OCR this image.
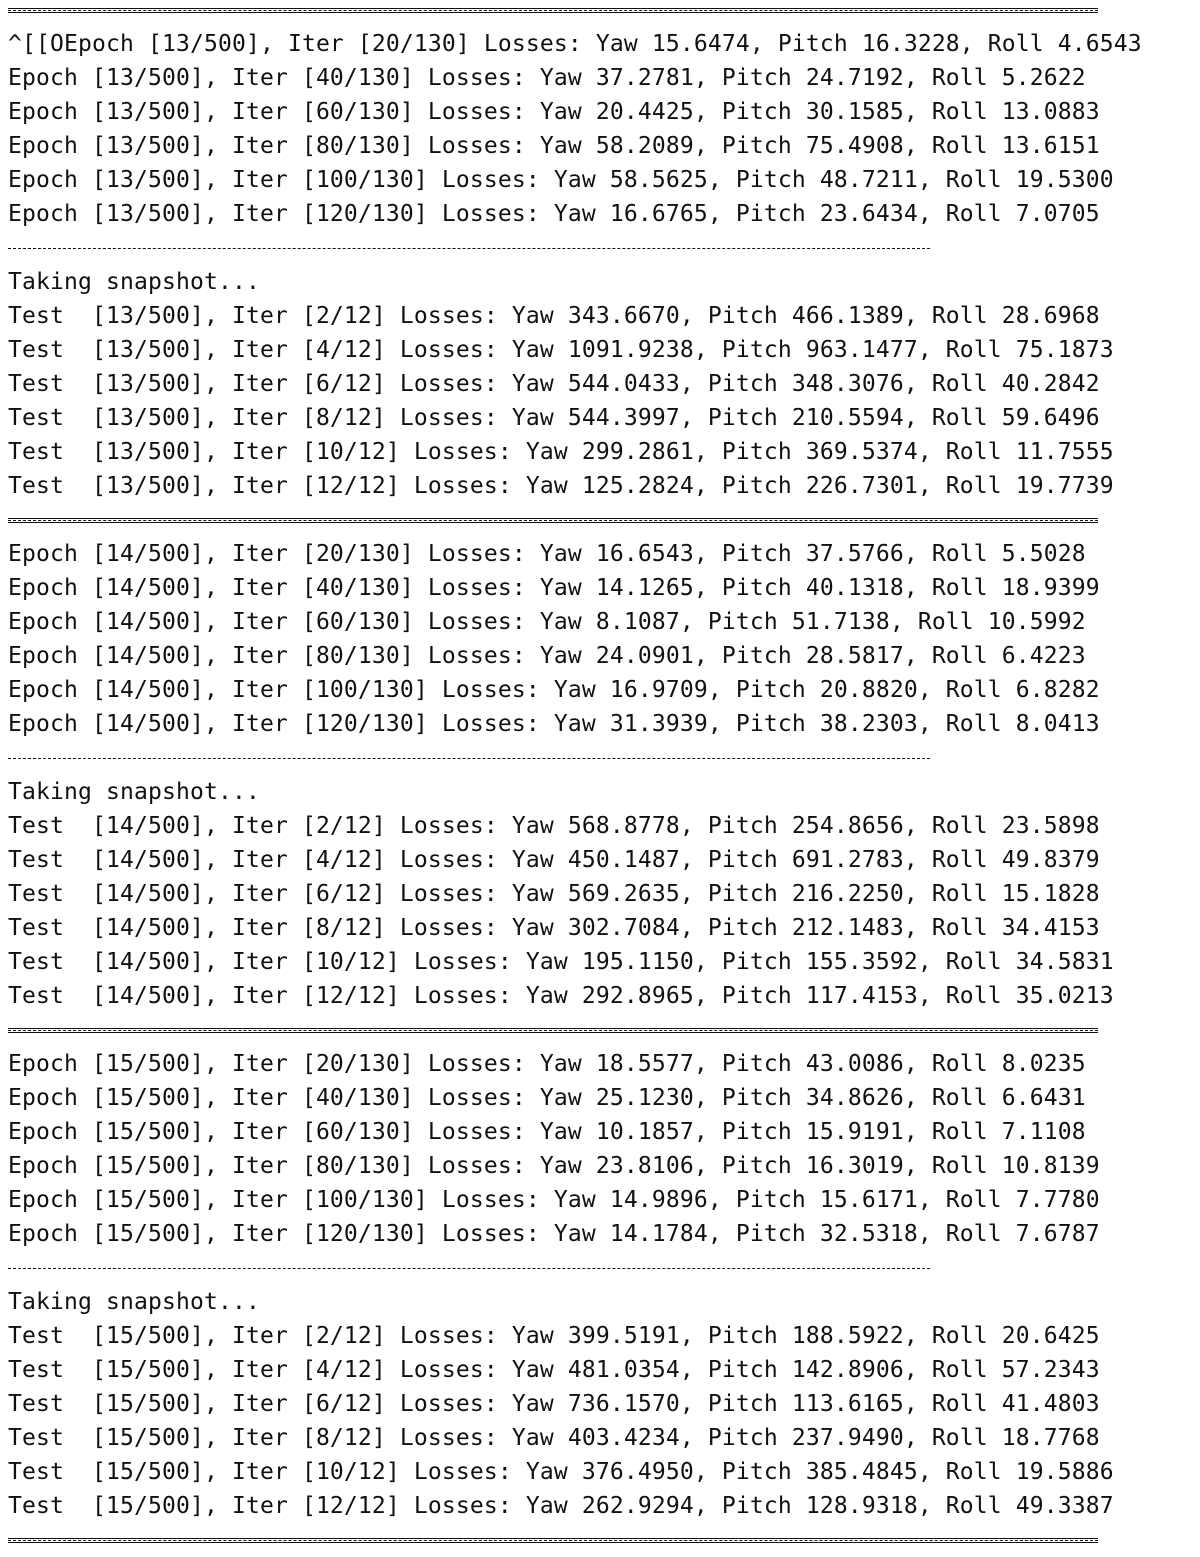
^[[OEpoch [13/500], Iter [20/130] Losses: Yaw 15.6474, Pitch 16.3228, Roll 4.6543
Epoch [13/500], Iter [40/130] Losses: Yaw 37.2781, Pitch 24.7192, Roll 5.2622
Epoch [13/500], Iter [60/130] Losses: Yaw 20.4425, Pitch 30.1585, Roll 13.0883
Epoch [13/500], Iter [80/130] Losses: Yaw 58.2089, Pitch 75.4908, Roll 13.6151
Epoch [13/500], Iter [100/130] Losses: Yaw 58.5625, Pitch 48.7211, Roll 19.5300
Epoch [13/500], Iter [120/130] Losses: Yaw 16.6765, Pitch 23.6434, Roll 7.0705
Taking snapshot...
Test  [13/500], Iter [2/12] Losses: Yaw 343.6670, Pitch 466.1389, Roll 28.6968
Test  [13/500], Iter [4/12] Losses: Yaw 1091.9238, Pitch 963.1477, Roll 75.1873
Test  [13/500], Iter [6/12] Losses: Yaw 544.0433, Pitch 348.3076, Roll 40.2842
Test  [13/500], Iter [8/12] Losses: Yaw 544.3997, Pitch 210.5594, Roll 59.6496
Test  [13/500], Iter [10/12] Losses: Yaw 299.2861, Pitch 369.5374, Roll 11.7555
Test  [13/500], Iter [12/12] Losses: Yaw 125.2824, Pitch 226.7301, Roll 19.7739
Epoch [14/500], Iter [20/130] Losses: Yaw 16.6543, Pitch 37.5766, Roll 5.5028
Epoch [14/500], Iter [40/130] Losses: Yaw 14.1265, Pitch 40.1318, Roll 18.9399
Epoch [14/500], Iter [60/130] Losses: Yaw 8.1087, Pitch 51.7138, Roll 10.5992
Epoch [14/500], Iter [80/130] Losses: Yaw 24.0901, Pitch 28.5817, Roll 6.4223
Epoch [14/500], Iter [100/130] Losses: Yaw 16.9709, Pitch 20.8820, Roll 6.8282
Epoch [14/500], Iter [120/130] Losses: Yaw 31.3939, Pitch 38.2303, Roll 8.0413
Taking snapshot...
Test  [14/500], Iter [2/12] Losses: Yaw 568.8778, Pitch 254.8656, Roll 23.5898
Test  [14/500], Iter [4/12] Losses: Yaw 450.1487, Pitch 691.2783, Roll 49.8379
Test  [14/500], Iter [6/12] Losses: Yaw 569.2635, Pitch 216.2250, Roll 15.1828
Test  [14/500], Iter [8/12] Losses: Yaw 302.7084, Pitch 212.1483, Roll 34.4153
Test  [14/500], Iter [10/12] Losses: Yaw 195.1150, Pitch 155.3592, Roll 34.5831
Test  [14/500], Iter [12/12] Losses: Yaw 292.8965, Pitch 117.4153, Roll 35.0213
Epoch [15/500], Iter [20/130] Losses: Yaw 18.5577, Pitch 43.0086, Roll 8.0235
Epoch [15/500], Iter [40/130] Losses: Yaw 25.1230, Pitch 34.8626, Roll 6.6431
Epoch [15/500], Iter [60/130] Losses: Yaw 10.1857, Pitch 15.9191, Roll 7.1108
Epoch [15/500], Iter [80/130] Losses: Yaw 23.8106, Pitch 16.3019, Roll 10.8139
Epoch [15/500], Iter [100/130] Losses: Yaw 14.9896, Pitch 15.6171, Roll 7.7780
Epoch [15/500], Iter [120/130] Losses: Yaw 14.1784, Pitch 32.5318, Roll 7.6787
Taking snapshot...
Test  [15/500], Iter [2/12] Losses: Yaw 399.5191, Pitch 188.5922, Roll 20.6425
Test  [15/500], Iter [4/12] Losses: Yaw 481.0354, Pitch 142.8906, Roll 57.2343
Test  [15/500], Iter [6/12] Losses: Yaw 736.1570, Pitch 113.6165, Roll 41.4803
Test  [15/500], Iter [8/12] Losses: Yaw 403.4234, Pitch 237.9490, Roll 18.7768
Test  [15/500], Iter [10/12] Losses: Yaw 376.4950, Pitch 385.4845, Roll 19.5886
Test  [15/500], Iter [12/12] Losses: Yaw 262.9294, Pitch 128.9318, Roll 49.3387
